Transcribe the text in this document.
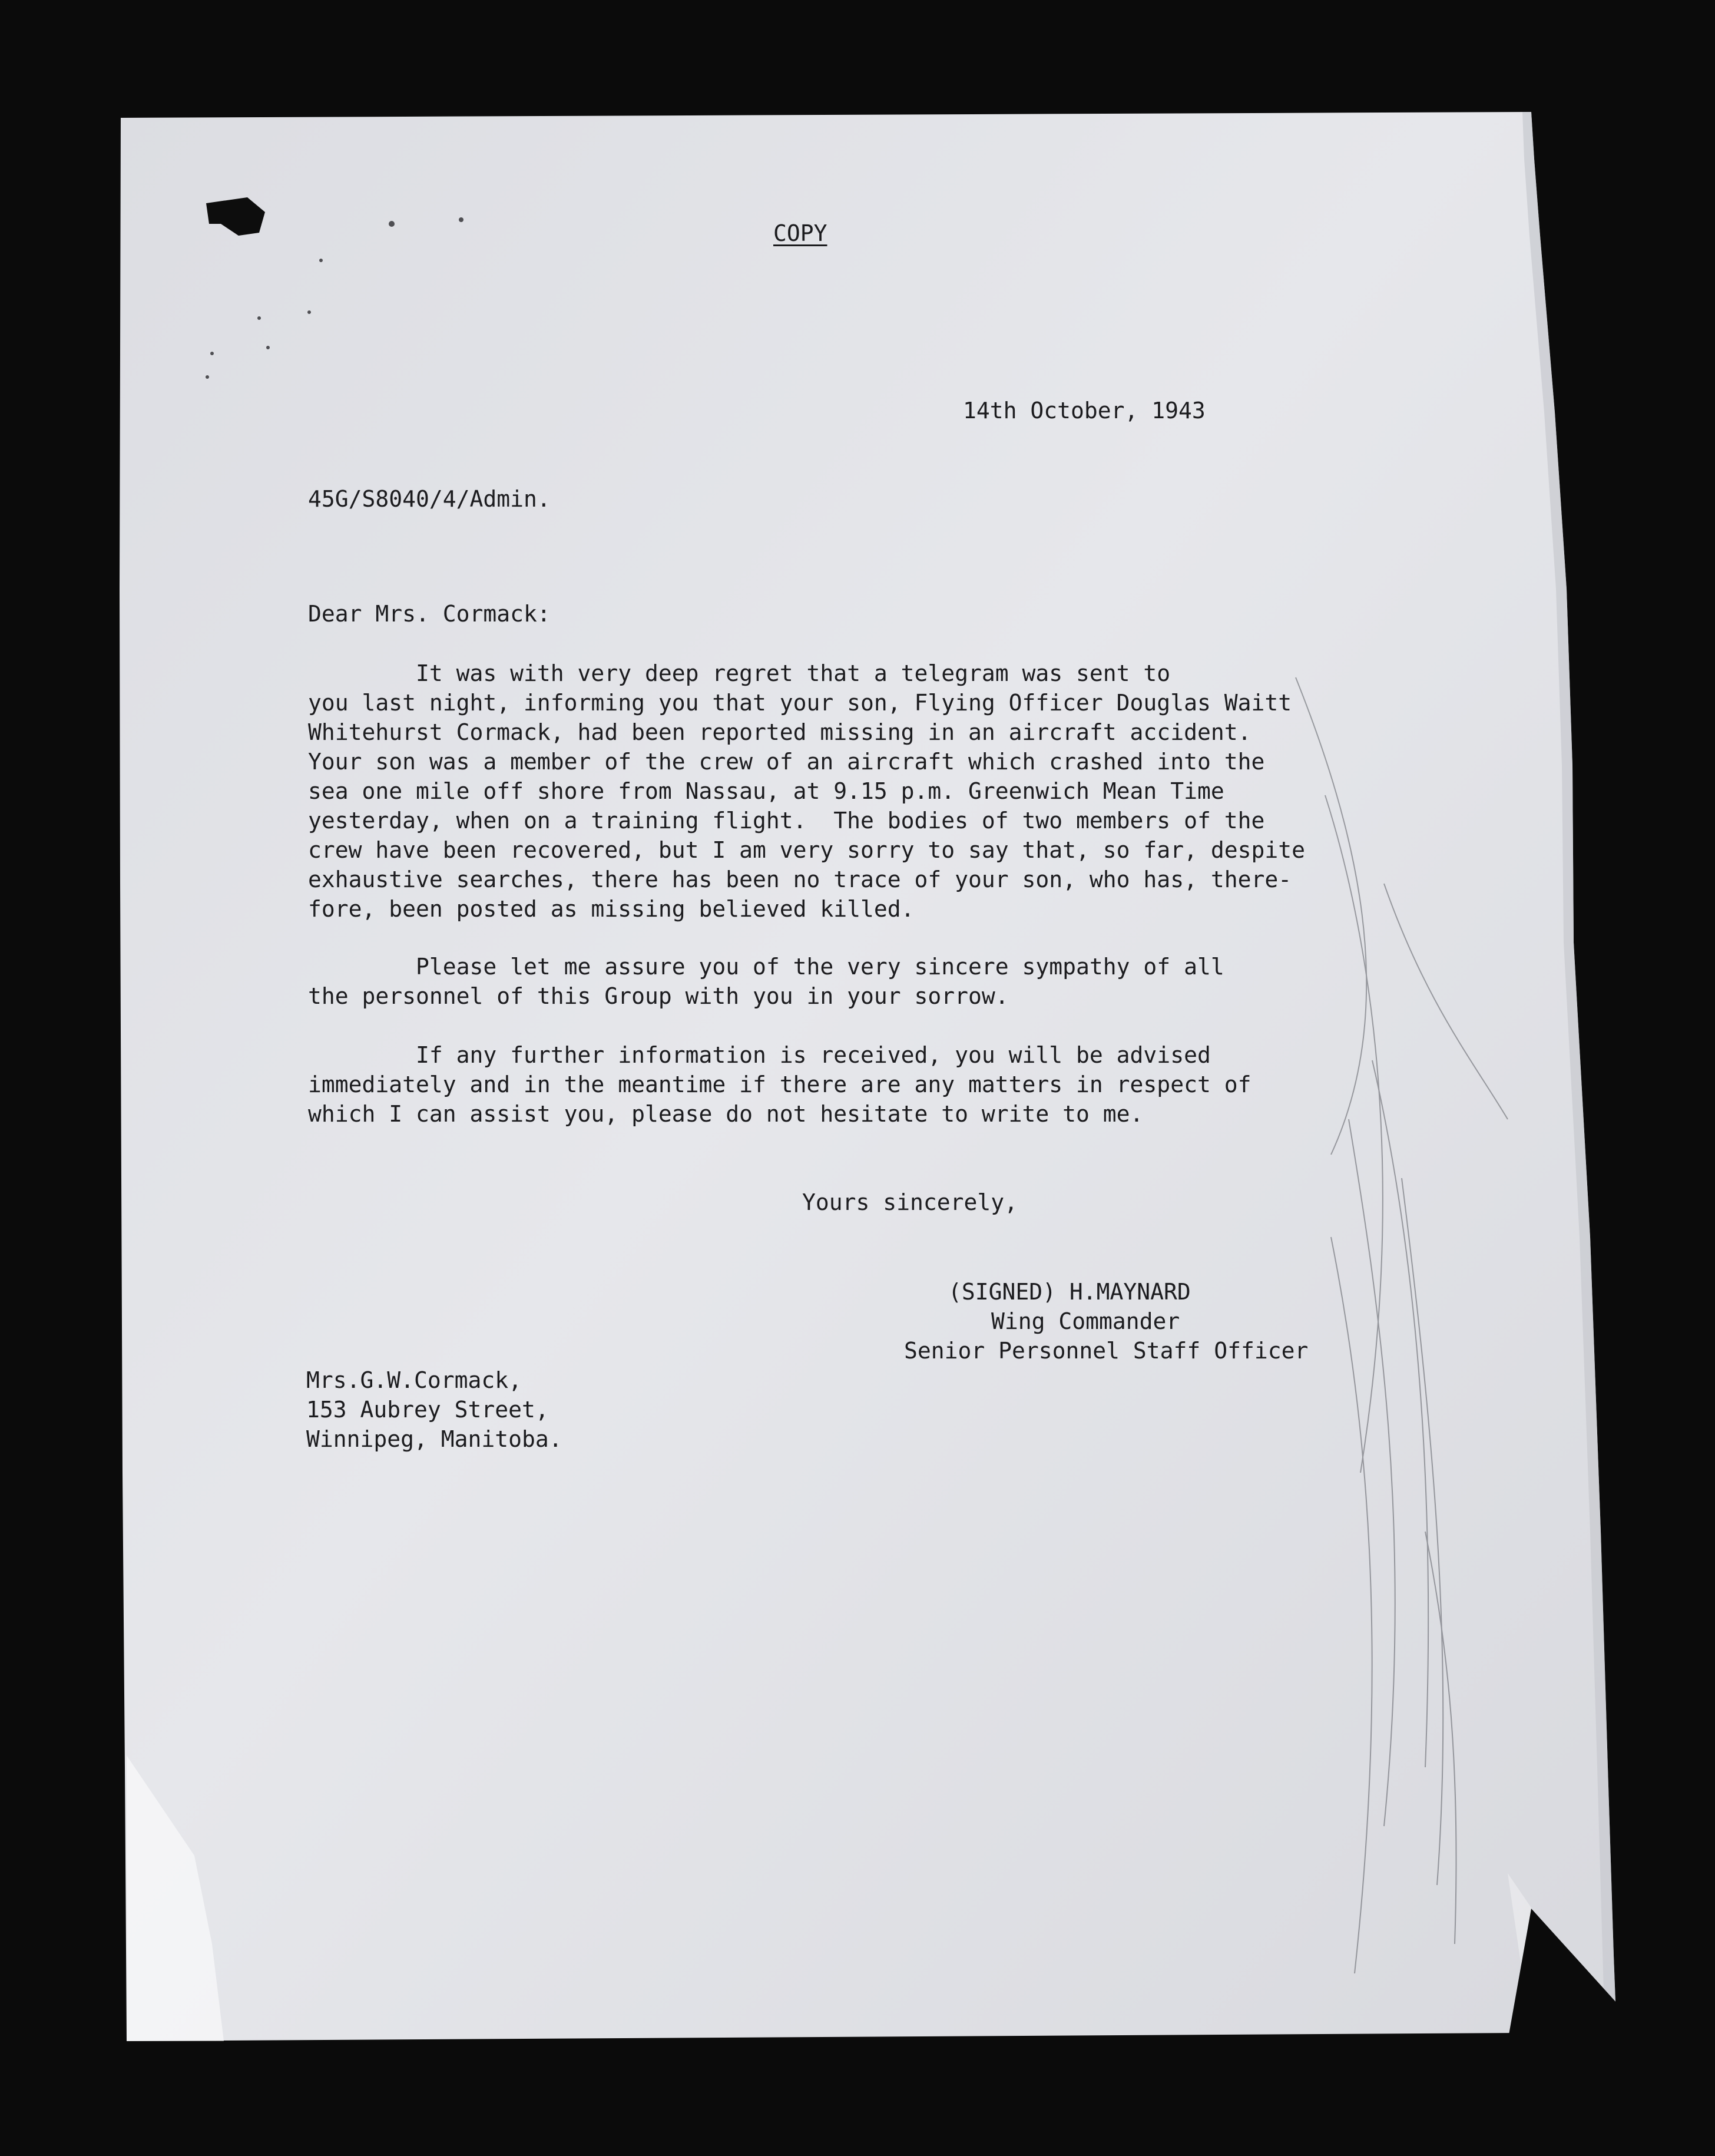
COPY
14th October, 1943
45G/S8040/4/Admin.
Dear Mrs. Cormack:
It was with very deep regret that a telegram was sent to
you last night, informing you that your son, Flying Officer Douglas Waitt
Whitehurst Cormack, had been reported missing in an aircraft accident.
Your son was a member of the crew of an aircraft which crashed into the
sea one mile off shore from Nassau, at 9.15 p.m. Greenwich Mean Time
yesterday, when on a training flight.  The bodies of two members of the
crew have been recovered, but I am very sorry to say that, so far, despite
exhaustive searches, there has been no trace of your son, who has, there-
fore, been posted as missing believed killed.
Please let me assure you of the very sincere sympathy of all
the personnel of this Group with you in your sorrow.
If any further information is received, you will be advised
immediately and in the meantime if there are any matters in respect of
which I can assist you, please do not hesitate to write to me.
Yours sincerely,
(SIGNED) H.MAYNARD
Wing Commander
Senior Personnel Staff Officer
Mrs.G.W.Cormack,
153 Aubrey Street,
Winnipeg, Manitoba.
